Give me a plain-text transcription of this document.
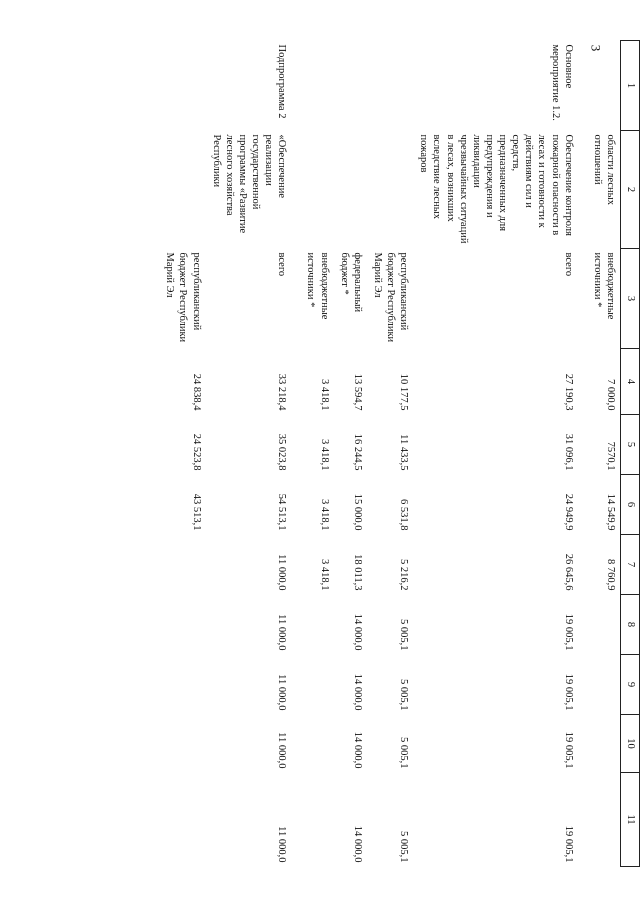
3
1	2	3	4	5	6	7	8	9	10	11
	области лесных отношений	внебюджетные источники *	7 000,0	7570,1	14 549,9	8 760,9				
Основное мероприятие 1.2.	Обеспечение контроля пожарной опасности в лесах и готовности к действиям сил и средств, предназначенных для предупреждения и ликвидации чрезвычайных ситуаций в лесах, возникших вследствие лесных пожаров	всего	27 190,3	31 096,1	24 949,9	26 645,6	19 005,1	19 005,1	19 005,1	19 005,1
		республиканский бюджет Республики Марий Эл	10 177,5	11 433,5	6 531,8	5 216,2	5 005,1	5 005,1	5 005,1	5 005,1
		федеральный бюджет *	13 594,7	16 244,5	15 000,0	18 011,3	14 000,0	14 000,0	14 000,0	14 000,0
		внебюджетные источники *	3 418,1	3 418,1	3 418,1	3 418,1				
Подпрограмма 2	«Обеспечение реализации государственной программы «Развитие лесного хозяйства Республики	всего	33 218,4	35 023,8	54 513,1	11 000,0	11 000,0	11 000,0	11 000,0	11 000,0
		республиканский бюджет Республики Марий Эл	24 838,4	24 523,8	43 513,1					
